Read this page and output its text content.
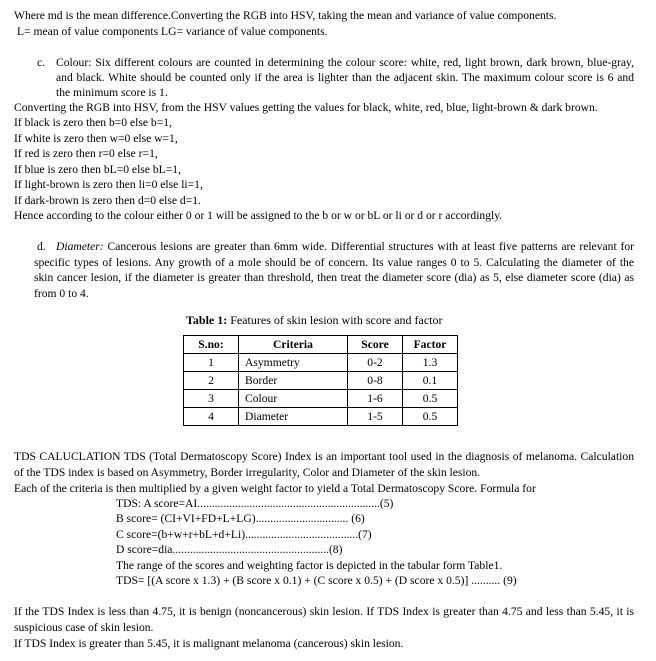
Where md is the mean difference.Converting the RGB into HSV, taking the mean and variance of value components.
L= mean of value components LG= variance of value components.
c. Colour: Six different colours are counted in determining the colour score: white, red, light brown, dark brown, blue-gray,
and black. White should be counted only if the area is lighter than the adjacent skin. The maximum colour score is 6 and
the minimum score is 1.
Converting the RGB into HSV, from the HSV values getting the values for black, white, red, blue, light-brown & dark brown.
If black is zero then b=0 else b=1,
If white is zero then w=0 else w=1,
If red is zero then r=0 else r=1,
If blue is zero then bL=0 else bL=1,
If light-brown is zero then li=0 else li=1,
If dark-brown is zero then d=0 else d=1.
Hence according to the colour either 0 or 1 will be assigned to the b or w or bL or li or d or r accordingly.
d. Diameter: Cancerous lesions are greater than 6mm wide. Differential structures with at least five patterns are relevant for
specific types of lesions. Any growth of a mole should be of concern. Its value ranges 0 to 5. Calculating the diameter of the
skin cancer lesion, if the diameter is greater than threshold, then treat the diameter score (dia) as 5, else diameter score (dia) as
from 0 to 4.
Table 1: Features of skin lesion with score and factor
S.no:	Criteria	Score	Factor
1	Asymmetry	0-2	1.3
2	Border	0-8	0.1
3	Colour	1-6	0.5
4	Diameter	1-5	0.5
TDS CALUCLATION TDS (Total Dermatoscopy Score) Index is an important tool used in the diagnosis of melanoma. Calculation
of the TDS index is based on Asymmetry, Border irregularity, Color and Diameter of the skin lesion.
Each of the criteria is then multiplied by a given weight factor to yield a Total Dermatoscopy Score. Formula for
TDS: A score=AI...............................................................(5)
B score= (CI+VI+FD+L+LG)................................ (6)
C score=(b+w+r+bL+d+Li).......................................(7)
D score=dia......................................................(8)
The range of the scores and weighting factor is depicted in the tabular form Table1.
TDS= [(A score x 1.3) + (B score x 0.1) + (C score x 0.5) + (D score x 0.5)] .......... (9)
If the TDS Index is less than 4.75, it is benign (noncancerous) skin lesion. If TDS Index is greater than 4.75 and less than 5.45, it is
suspicious case of skin lesion.
If TDS Index is greater than 5.45, it is malignant melanoma (cancerous) skin lesion.
